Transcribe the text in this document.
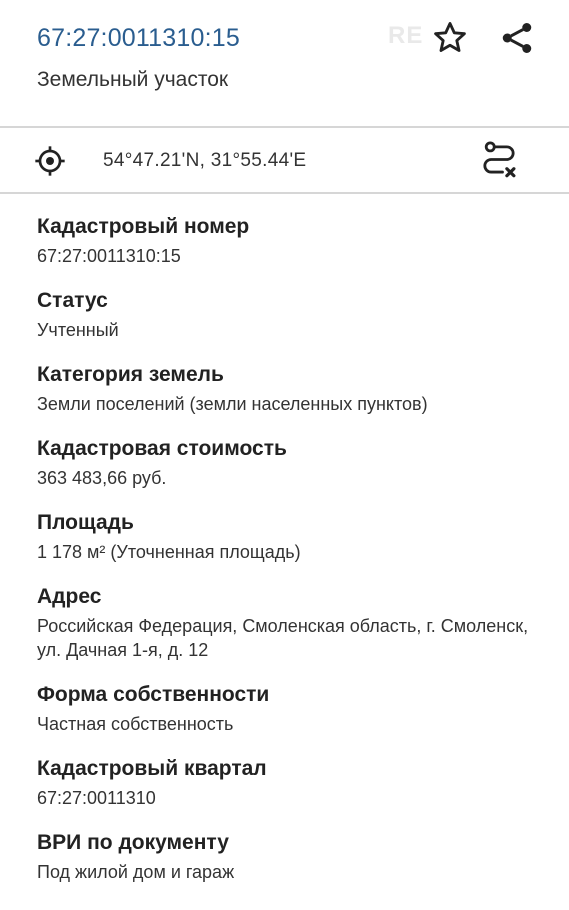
67:27:0011310:15
Земельный участок
RE
54°47.21'N, 31°55.44'E
Кадастровый номер
67:27:0011310:15
Статус
Учтенный
Категория земель
Земли поселений (земли населенных пунктов)
Кадастровая стоимость
363 483,66 руб.
Площадь
1 178 м² (Уточненная площадь)
Адрес
Российская Федерация, Смоленская область, г. Смоленск, ул. Дачная 1-я, д. 12
Форма собственности
Частная собственность
Кадастровый квартал
67:27:0011310
ВРИ по документу
Под жилой дом и гараж
